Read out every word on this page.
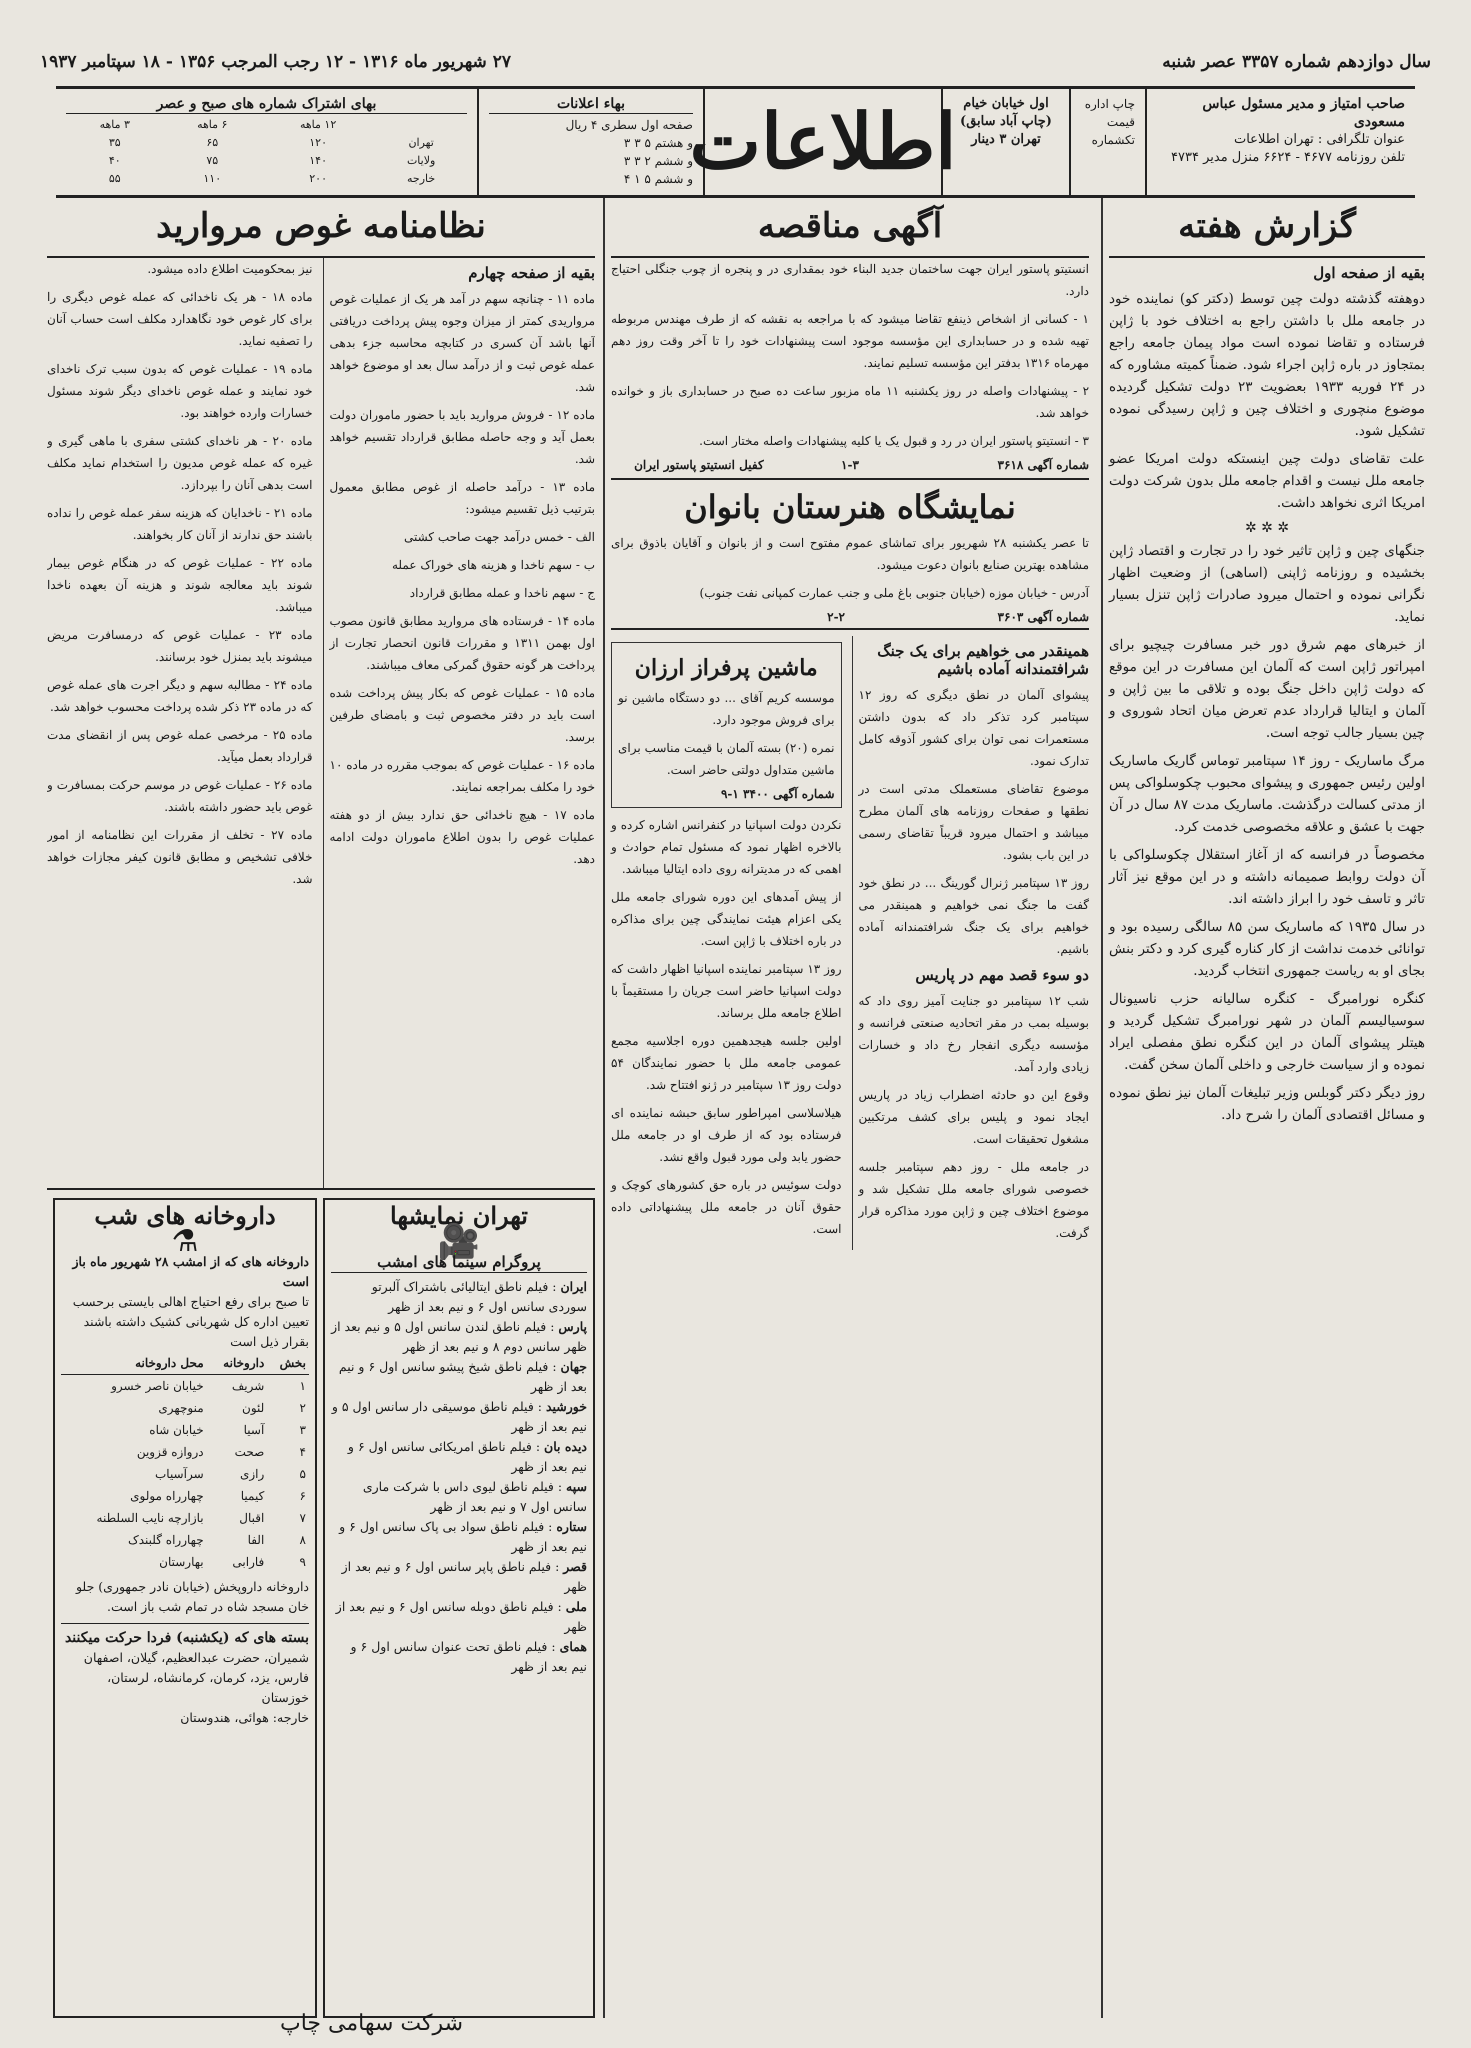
سال دوازدهم شماره ۳۳۵۷ عصر شنبه
۲۷ شهریور ماه ۱۳۱۶ - ۱۲ رجب المرجب ۱۳۵۶ - ۱۸ سپتامبر ۱۹۳۷
صاحب امتیاز و مدیر مسئول عباس مسعودی
عنوان تلگرافی : تهران اطلاعات
تلفن روزنامه ۴۶۷۷ - ۶۶۲۴ منزل مدیر ۴۷۳۴
چاپ اداره
قیمت تکشماره
اول خیابان خیام
(چاپ آباد سابق)
تهران ۳ دینار
اطلاعات
بهاء اعلانات
صفحه اول سطری ۴ ریال
و هشتم ۵ ۳ ۳
و ششم ۲ ۳ ۳
و ششم ۵ ۱ ۴
بهای اشتراک شماره های صبح و عصر
	۱۲ ماهه	۶ ماهه	۳ ماهه
تهران	۱۲۰	۶۵	۳۵
ولایات	۱۴۰	۷۵	۴۰
خارجه	۲۰۰	۱۱۰	۵۵
گزارش هفته
بقیه از صفحه اول

دوهفته گذشته دولت چین توسط (دکتر کو) نماینده خود در جامعه ملل با داشتن راجع به اختلاف خود با ژاپن فرستاده و تقاضا نموده است مواد پیمان جامعه راجع بمتجاوز در باره ژاپن اجراء شود. ضمناً کمیته مشاوره که در ۲۴ فوریه ۱۹۳۳ بعضویت ۲۳ دولت تشکیل گردیده موضوع منچوری و اختلاف چین و ژاپن رسیدگی نموده تشکیل شود.

علت تقاضای دولت چین اینستکه دولت امریکا عضو جامعه ملل نیست و اقدام جامعه ملل بدون شرکت دولت امریکا اثری نخواهد داشت.

✲ ✲ ✲

جنگهای چین و ژاپن تاثیر خود را در تجارت و اقتصاد ژاپن بخشیده و روزنامه ژاپنی (اساهی) از وضعیت اظهار نگرانی نموده و احتمال میرود صادرات ژاپن تنزل بسیار نماید.

از خبرهای مهم شرق دور خبر مسافرت چیچیو برای امپراتور ژاپن است که آلمان این مسافرت در این موقع که دولت ژاپن داخل جنگ بوده و تلاقی ما بین ژاپن و آلمان و ایتالیا قرارداد عدم تعرض میان اتحاد شوروی و چین بسیار جالب توجه است.

مرگ ماساریک - روز ۱۴ سپتامبر توماس گاریک ماساریک اولین رئیس جمهوری و پیشوای محبوب چکوسلواکی پس از مدتی کسالت درگذشت. ماساریک مدت ۸۷ سال در آن جهت با عشق و علاقه مخصوصی خدمت کرد.

مخصوصاً در فرانسه که از آغاز استقلال چکوسلواکی با آن دولت روابط صمیمانه داشته و در این موقع نیز آثار تاثر و تاسف خود را ابراز داشته اند.

در سال ۱۹۳۵ که ماساریک سن ۸۵ سالگی رسیده بود و توانائی خدمت نداشت از کار کناره گیری کرد و دکتر بنش بجای او به ریاست جمهوری انتخاب گردید.

کنگره نورامبرگ - کنگره سالیانه حزب ناسیونال سوسیالیسم آلمان در شهر نورامبرگ تشکیل گردید و هیتلر پیشوای آلمان در این کنگره نطق مفصلی ایراد نموده و از سیاست خارجی و داخلی آلمان سخن گفت.

روز دیگر دکتر گوبلس وزیر تبلیغات آلمان نیز نطق نموده و مسائل اقتصادی آلمان را شرح داد.

آگهی مناقصه

انستیتو پاستور ایران جهت ساختمان جدید البناء خود بمقداری در و پنجره از چوب جنگلی احتیاج دارد.

۱ - کسانی از اشخاص ذینفع تقاضا میشود که با مراجعه به نقشه که از طرف مهندس مربوطه تهیه شده و در حسابداری این مؤسسه موجود است پیشنهادات خود را تا آخر وقت روز دهم مهرماه ۱۳۱۶ بدفتر این مؤسسه تسلیم نمایند.

۲ - پیشنهادات واصله در روز یکشنبه ۱۱ ماه مزبور ساعت ده صبح در حسابداری باز و خوانده خواهد شد.

۳ - انستیتو پاستور ایران در رد و قبول یک یا کلیه پیشنهادات واصله مختار است.

شماره آگهی ۳۶۱۸
۱-۳
کفیل انستیتو پاستور ایران
نمایشگاه هنرستان بانوان

تا عصر یکشنبه ۲۸ شهریور برای تماشای عموم مفتوح است و از بانوان و آقایان باذوق برای مشاهده بهترین صنایع بانوان دعوت میشود.

آدرس - خیابان موزه (خیابان جنوبی باغ ملی و جنب عمارت کمپانی نفت جنوب)

شماره آگهی ۳۶۰۳
۲-۲
همینقدر می خواهیم برای یک جنگ شرافتمندانه آماده باشیم

پیشوای آلمان در نطق دیگری که روز ۱۲ سپتامبر کرد تذکر داد که بدون داشتن مستعمرات نمی توان برای کشور آذوقه کامل تدارک نمود.

موضوع تقاضای مستعملک مدتی است در نطقها و صفحات روزنامه های آلمان مطرح میباشد و احتمال میرود قریباً تقاضای رسمی در این باب بشود.

روز ۱۳ سپتامبر ژنرال گورینگ ... در نطق خود گفت ما جنگ نمی خواهیم و همینقدر می خواهیم برای یک جنگ شرافتمندانه آماده باشیم.

دو سوء قصد مهم در پاریس

شب ۱۲ سپتامبر دو جنایت آمیز روی داد که بوسیله بمب در مقر اتحادیه صنعتی فرانسه و مؤسسه دیگری انفجار رخ داد و خسارات زیادی وارد آمد.

وقوع این دو حادثه اضطراب زیاد در پاریس ایجاد نمود و پلیس برای کشف مرتکبین مشغول تحقیقات است.

در جامعه ملل - روز دهم سپتامبر جلسه خصوصی شورای جامعه ملل تشکیل شد و موضوع اختلاف چین و ژاپن مورد مذاکره قرار گرفت.

ماشین پرفراز ارزان

موسسه کریم آقای ... دو دستگاه ماشین نو برای فروش موجود دارد.

نمره (۲۰) بسته آلمان با قیمت مناسب برای ماشین متداول دولتی حاضر است.

شماره آگهی ۳۴۰۰ ۱-۹

نکردن دولت اسپانیا در کنفرانس اشاره کرده و بالاخره اظهار نمود که مسئول تمام حوادث و اهمی که در مدیترانه روی داده ایتالیا میباشد.

از پیش آمدهای این دوره شورای جامعه ملل یکی اعزام هیئت نمایندگی چین برای مذاکره در باره اختلاف با ژاپن است.

روز ۱۳ سپتامبر نماینده اسپانیا اظهار داشت که دولت اسپانیا حاضر است جریان را مستقیماً با اطلاع جامعه ملل برساند.

اولین جلسه هیجدهمین دوره اجلاسیه مجمع عمومی جامعه ملل با حضور نمایندگان ۵۴ دولت روز ۱۳ سپتامبر در ژنو افتتاح شد.

هیلاسلاسی امپراطور سابق حبشه نماینده ای فرستاده بود که از طرف او در جامعه ملل حضور یابد ولی مورد قبول واقع نشد.

دولت سوئیس در باره حق کشورهای کوچک و حقوق آنان در جامعه ملل پیشنهاداتی داده است.

نظامنامه غوص مروارید
بقیه از صفحه چهارم

ماده ۱۱ - چنانچه سهم در آمد هر یک از عملیات غوص مرواریدی کمتر از میزان وجوه پیش پرداخت دریافتی آنها باشد آن کسری در کتابچه محاسبه جزء بدهی عمله غوص ثبت و از درآمد سال بعد او موضوع خواهد شد.

ماده ۱۲ - فروش مروارید باید با حضور ماموران دولت بعمل آید و وجه حاصله مطابق قرارداد تقسیم خواهد شد.

ماده ۱۳ - درآمد حاصله از غوص مطابق معمول بترتیب ذیل تقسیم میشود:

الف - خمس درآمد جهت صاحب کشتی

ب - سهم ناخدا و هزینه های خوراک عمله

ج - سهم ناخدا و عمله مطابق قرارداد

ماده ۱۴ - فرستاده های مروارید مطابق قانون مصوب اول بهمن ۱۳۱۱ و مقررات قانون انحصار تجارت از پرداخت هر گونه حقوق گمرکی معاف میباشند.

ماده ۱۵ - عملیات غوص که بکار پیش پرداخت شده است باید در دفتر مخصوص ثبت و بامضای طرفین برسد.

ماده ۱۶ - عملیات غوص که بموجب مقرره در ماده ۱۰ خود را مکلف بمراجعه نمایند.

ماده ۱۷ - هیچ ناخدائی حق ندارد بیش از دو هفته عملیات غوص را بدون اطلاع ماموران دولت ادامه دهد.

نیز بمحکومیت اطلاع داده میشود.

ماده ۱۸ - هر یک ناخدائی که عمله غوص دیگری را برای کار غوص خود نگاهدارد مکلف است حساب آنان را تصفیه نماید.

ماده ۱۹ - عملیات غوص که بدون سبب ترک ناخدای خود نمایند و عمله غوص ناخدای دیگر شوند مسئول خسارات وارده خواهند بود.

ماده ۲۰ - هر ناخدای کشتی سفری با ماهی گیری و غیره که عمله غوص مدیون را استخدام نماید مکلف است بدهی آنان را بپردازد.

ماده ۲۱ - ناخدایان که هزینه سفر عمله غوص را نداده باشند حق ندارند از آنان کار بخواهند.

ماده ۲۲ - عملیات غوص که در هنگام غوص بیمار شوند باید معالجه شوند و هزینه آن بعهده ناخدا میباشد.

ماده ۲۳ - عملیات غوص که درمسافرت مریض میشوند باید بمنزل خود برسانند.

ماده ۲۴ - مطالبه سهم و دیگر اجرت های عمله غوص که در ماده ۲۳ ذکر شده پرداخت محسوب خواهد شد.

ماده ۲۵ - مرخصی عمله غوص پس از انقضای مدت قرارداد بعمل میآید.

ماده ۲۶ - عملیات غوص در موسم حرکت بمسافرت و غوص باید حضور داشته باشند.

ماده ۲۷ - تخلف از مقررات این نظامنامه از امور خلافی تشخیص و مطابق قانون کیفر مجازات خواهد شد.

تهران نمایشها
🎥
پروگرام سینما های امشب
ایران : فیلم ناطق ایتالیائی باشتراک آلبرتو سوردی سانس اول ۶ و نیم بعد از ظهر
پارس : فیلم ناطق لندن سانس اول ۵ و نیم بعد از ظهر سانس دوم ۸ و نیم بعد از ظهر
جهان : فیلم ناطق شیخ پیشو سانس اول ۶ و نیم بعد از ظهر
خورشید : فیلم ناطق موسیقی دار سانس اول ۵ و نیم بعد از ظهر
دیده بان : فیلم ناطق امریکائی سانس اول ۶ و نیم بعد از ظهر
سپه : فیلم ناطق لیوی داس با شرکت ماری سانس اول ۷ و نیم بعد از ظهر
ستاره : فیلم ناطق سواد بی پاک سانس اول ۶ و نیم بعد از ظهر
قصر : فیلم ناطق پاپر سانس اول ۶ و نیم بعد از ظهر
ملی : فیلم ناطق دوبله سانس اول ۶ و نیم بعد از ظهر
همای : فیلم ناطق تحت عنوان سانس اول ۶ و نیم بعد از ظهر
داروخانه های شب
⚗
داروخانه های که از امشب ۲۸ شهریور ماه باز است
تا صبح برای رفع احتیاج اهالی بایستی برحسب تعیین اداره کل شهربانی کشیک داشته باشند بقرار ذیل است
بخش	داروخانه	محل داروخانه
۱	شریف	خیابان ناصر خسرو
۲	لئون	منوچهری
۳	آسیا	خیابان شاه
۴	صحت	دروازه قزوین
۵	رازی	سرآسیاب
۶	کیمیا	چهارراه مولوی
۷	اقبال	بازارچه نایب السلطنه
۸	الفا	چهارراه گلبندک
۹	فارابی	بهارستان
داروخانه داروپخش (خیابان نادر جمهوری) جلو خان مسجد شاه در تمام شب باز است.
بسته های که (یکشنبه) فردا حرکت میکنند
شمیران، حضرت عبدالعظیم، گیلان، اصفهان
فارس، یزد، کرمان، کرمانشاه، لرستان، خوزستان
خارجه: هوائی، هندوستان
شرکت سهامی چاپ
